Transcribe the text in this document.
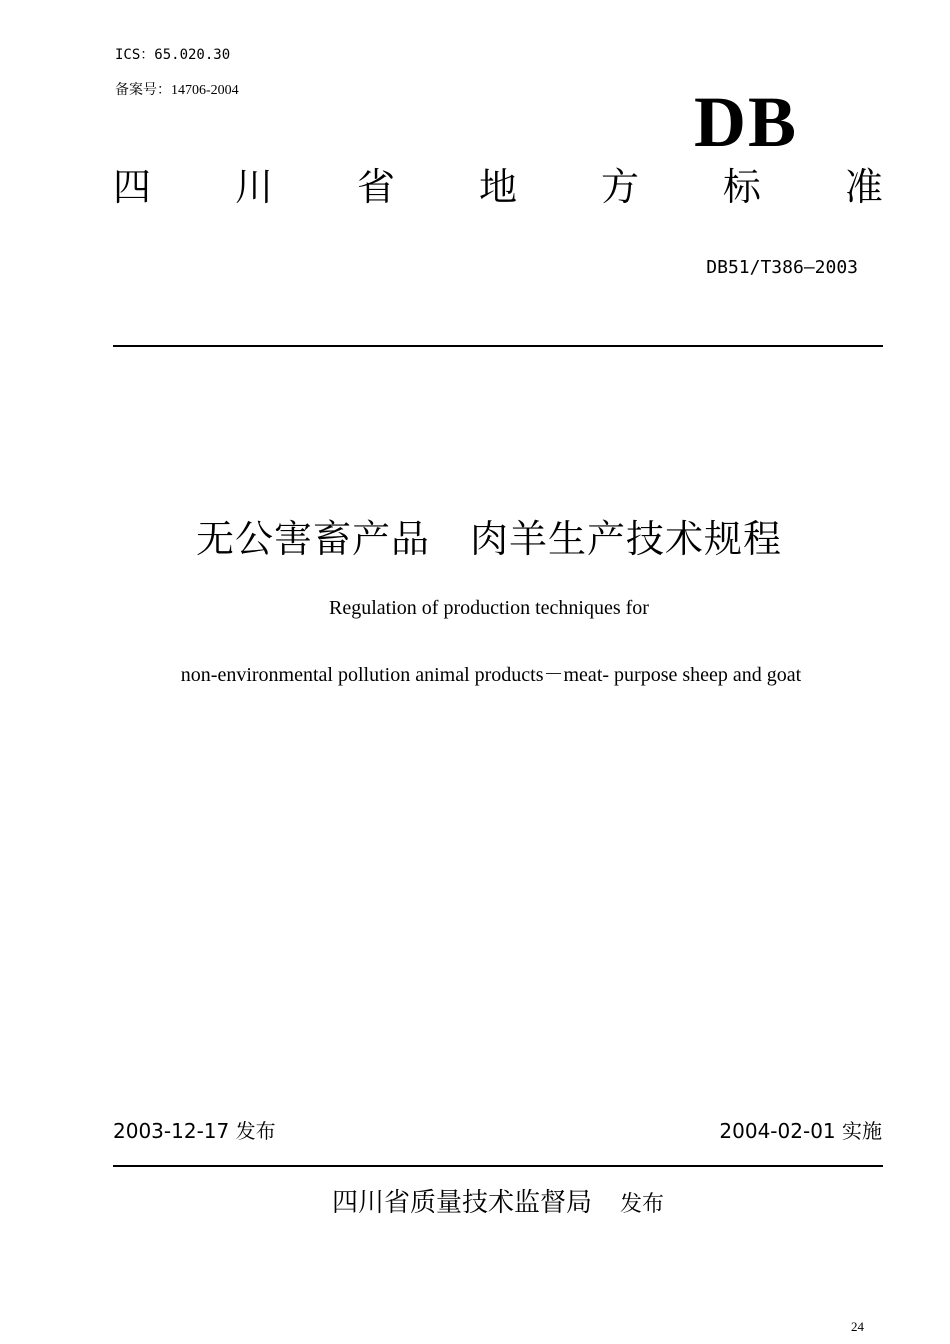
ICS：65.020.30
备案号：14706-2004	DB
四 川 省 地 方 标 准
DB51/T386—2003
无公害畜产品 肉羊生产技术规程
Regulation of production techniques for
non-environmental pollution animal products－meat- purpose sheep and goat
2003-12-17 发布	2004-02-01 实施
四川省质量技术监督局 发布
24
